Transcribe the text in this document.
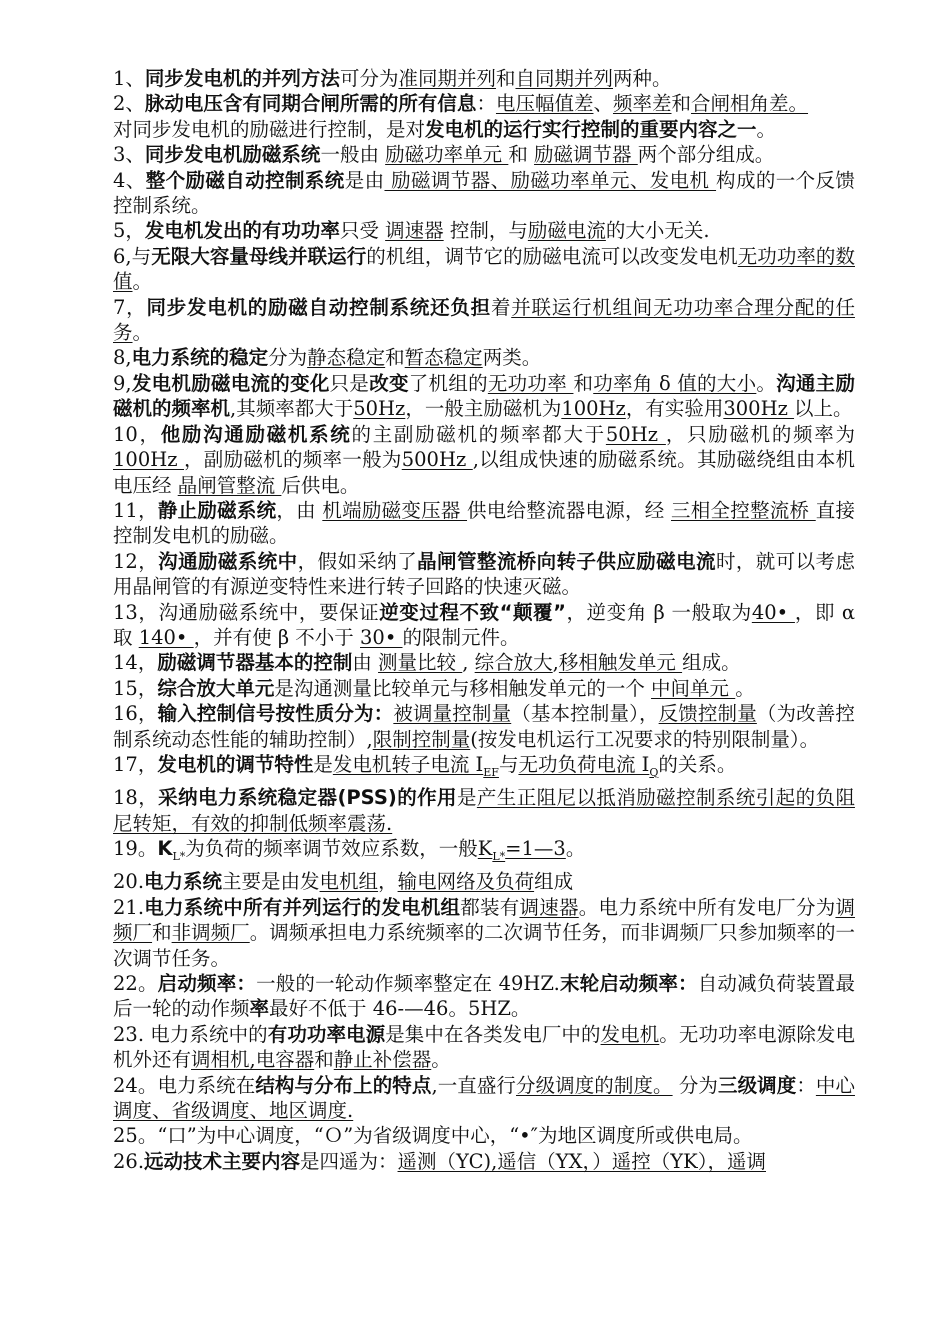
1、同步发电机的并列方法可分为准同期并列和自同期并列两种。

2、脉动电压含有同期合闸所需的所有信息：电压幅值差、频率差和合闸相角差。

对同步发电机的励磁进行控制，是对发电机的运行实行控制的重要内容之一。

3、同步发电机励磁系统一般由 励磁功率单元 和 励磁调节器 两个部分组成。

4、整个励磁自动控制系统是由 励磁调节器、励磁功率单元、发电机 构成的一个反馈控制系统。

5，发电机发出的有功功率只受 调速器 控制，与励磁电流的大小无关.

6,与无限大容量母线并联运行的机组，调节它的励磁电流可以改变发电机无功功率的数值。

7，同步发电机的励磁自动控制系统还负担着并联运行机组间无功功率合理分配的任务。

8,电力系统的稳定分为静态稳定和暂态稳定两类。

9,发电机励磁电流的变化只是改变了机组的无功功率 和功率角 δ 值的大小。沟通主励磁机的频率机,其频率都大于50Hz，一般主励磁机为100Hz，有实验用300Hz 以上。

10，他励沟通励磁机系统的主副励磁机的频率都大于50Hz ，只励磁机的频率为100Hz ，副励磁机的频率一般为500Hz ,以组成快速的励磁系统。其励磁绕组由本机电压经 晶闸管整流 后供电。

11，静止励磁系统，由 机端励磁变压器 供电给整流器电源，经 三相全控整流桥 直接控制发电机的励磁。

12，沟通励磁系统中，假如采纳了晶闸管整流桥向转子供应励磁电流时，就可以考虑用晶闸管的有源逆变特性来进行转子回路的快速灭磁。

13，沟通励磁系统中，要保证逆变过程不致“颠覆”，逆变角 β 一般取为40• ，即 α 取 140• ，并有使 β 不小于 30• 的限制元件。

14，励磁调节器基本的控制由 测量比较 , 综合放大,移相触发单元 组成。

15，综合放大单元是沟通测量比较单元与移相触发单元的一个 中间单元 。

16，输入控制信号按性质分为：被调量控制量（基本控制量），反馈控制量（为改善控制系统动态性能的辅助控制）,限制控制量(按发电机运行工况要求的特别限制量）。

17，发电机的调节特性是发电机转子电流 $I_{EF}$与无功负荷电流 $I_Q$的关系。

18，采纳电力系统稳定器(PSS)的作用是产生正阻尼以抵消励磁控制系统引起的负阻尼转矩，有效的抑制低频率震荡.

19。$K_{L*}$为负荷的频率调节效应系数，一般$K_{L*}=1—3$。

20.电力系统主要是由发电机组，输电网络及负荷组成

21.电力系统中所有并列运行的发电机组都装有调速器。电力系统中所有发电厂分为调频厂和非调频厂。调频承担电力系统频率的二次调节任务，而非调频厂只参加频率的一次调节任务。

22。启动频率：一般的一轮动作频率整定在 49HZ.末轮启动频率：自动减负荷装置最后一轮的动作频率最好不低于 46-—46。5HZ。

23. 电力系统中的有功功率电源是集中在各类发电厂中的发电机。无功功率电源除发电机外还有调相机,电容器和静止补偿器。

24。电力系统在结构与分布上的特点,一直盛行分级调度的制度。 分为三级调度：中心调度、省级调度、地区调度.

25。“口”为中心调度，“Ｏ”为省级调度中心，“•″为地区调度所或供电局。

26.远动技术主要内容是四遥为：遥测（YC),遥信（YX，）遥控（YK），遥调
